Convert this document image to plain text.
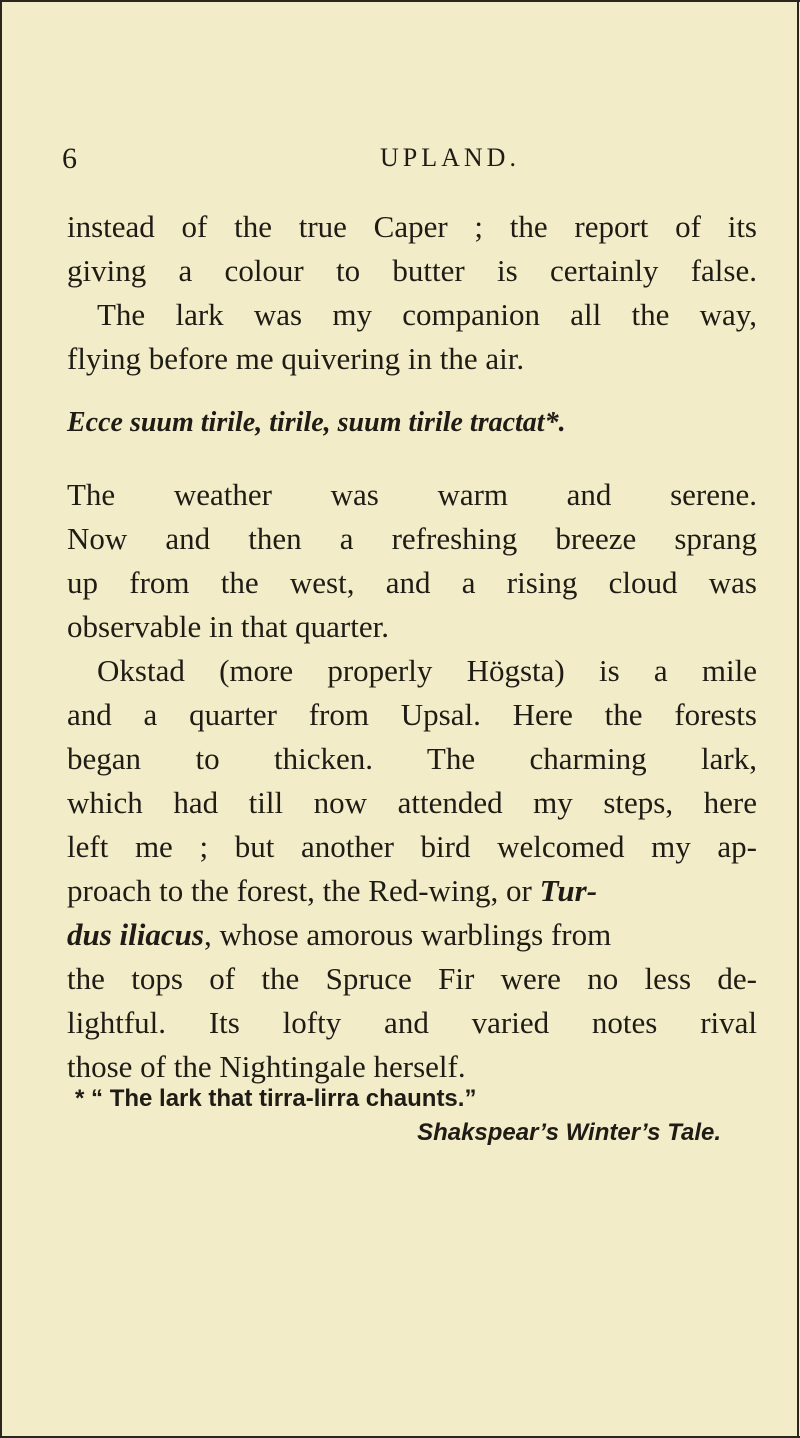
6	UPLAND.
instead of the true Caper ; the report of its
giving a colour to butter is certainly false.
The lark was my companion all the way,
flying before me quivering in the air.
Ecce suum tirile, tirile, suum tirile tractat*.
The weather was warm and serene.
Now and then a refreshing breeze sprang
up from the west, and a rising cloud was
observable in that quarter.
Okstad (more properly Högsta) is a mile
and a quarter from Upsal. Here the forests
began to thicken. The charming lark,
which had till now attended my steps, here
left me ; but another bird welcomed my ap-
proach to the forest, the Red-wing, or Tur-
dus iliacus, whose amorous warblings from
the tops of the Spruce Fir were no less de-
lightful. Its lofty and varied notes rival
those of the Nightingale herself.
* “ The lark that tirra-lirra chaunts.”
Shakspear’s Winter’s Tale.
